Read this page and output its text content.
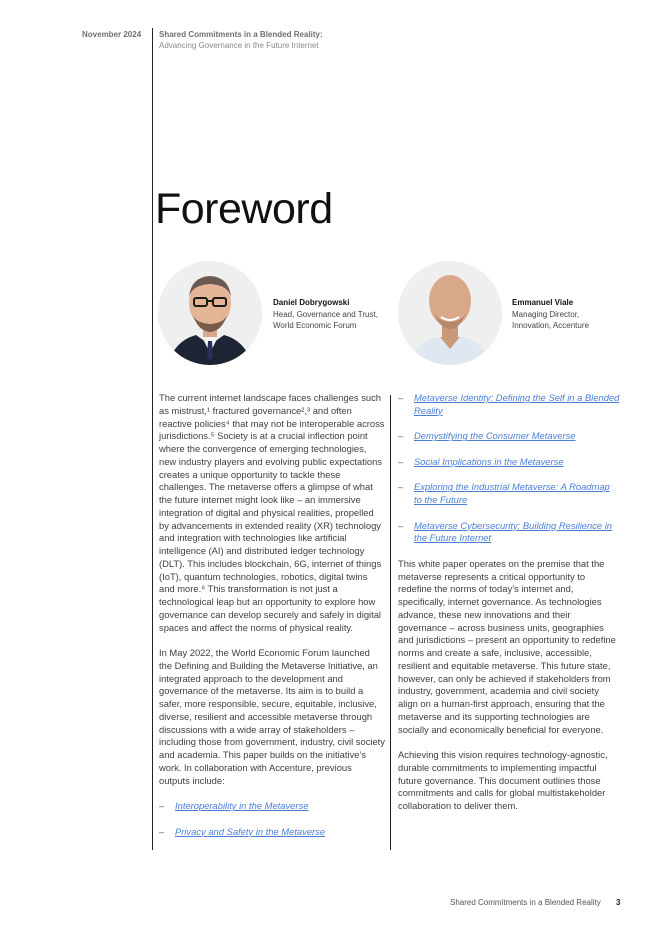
November 2024 Shared Commitments in a Blended Reality:
Advancing Governance in the Future Internet
Foreword
Daniel Dobrygowski
Head, Governance and Trust,
World Economic Forum
Emmanuel Viale
Managing Director,
Innovation, Accenture

The current internet landscape faces challenges such as mistrust,¹ fractured governance²,³ and often reactive policies⁴ that may not be interoperable across jurisdictions.⁵ Society is at a crucial inflection point where the convergence of emerging technologies, new industry players and evolving public expectations creates a unique opportunity to tackle these challenges. The metaverse offers a glimpse of what the future internet might look like – an immersive integration of digital and physical realities, propelled by advancements in extended reality (XR) technology and integration with technologies like artificial intelligence (AI) and distributed ledger technology (DLT). This includes blockchain, 6G, internet of things (IoT), quantum technologies, robotics, digital twins and more.⁶ This transformation is not just a technological leap but an opportunity to explore how governance can develop securely and safely in digital spaces and affect the norms of physical reality.

In May 2022, the World Economic Forum launched the Defining and Building the Metaverse Initiative, an integrated approach to the development and governance of the metaverse. Its aim is to build a safer, more responsible, secure, equitable, inclusive, diverse, resilient and accessible metaverse through discussions with a wide array of stakeholders – including those from government, industry, civil society and academia. This paper builds on the initiative’s work. In collaboration with Accenture, previous outputs include:

– Interoperability in the Metaverse
– Privacy and Safety in the Metaverse
– Metaverse Identity: Defining the Self in a Blended Reality
– Demystifying the Consumer Metaverse
– Social Implications in the Metaverse
– Exploring the Industrial Metaverse: A Roadmap to the Future
– Metaverse Cybersecurity: Building Resilience in the Future Internet

This white paper operates on the premise that the metaverse represents a critical opportunity to redefine the norms of today’s internet and, specifically, internet governance. As technologies advance, these new innovations and their governance – across business units, geographies and jurisdictions – present an opportunity to redefine norms and create a safe, inclusive, accessible, resilient and equitable metaverse. This future state, however, can only be achieved if stakeholders from industry, government, academia and civil society align on a human-first approach, ensuring that the metaverse and its supporting technologies are socially and economically beneficial for everyone.

Achieving this vision requires technology-agnostic, durable commitments to implementing impactful future governance. This document outlines those commitments and calls for global multistakeholder collaboration to deliver them.

Shared Commitments in a Blended Reality 3
